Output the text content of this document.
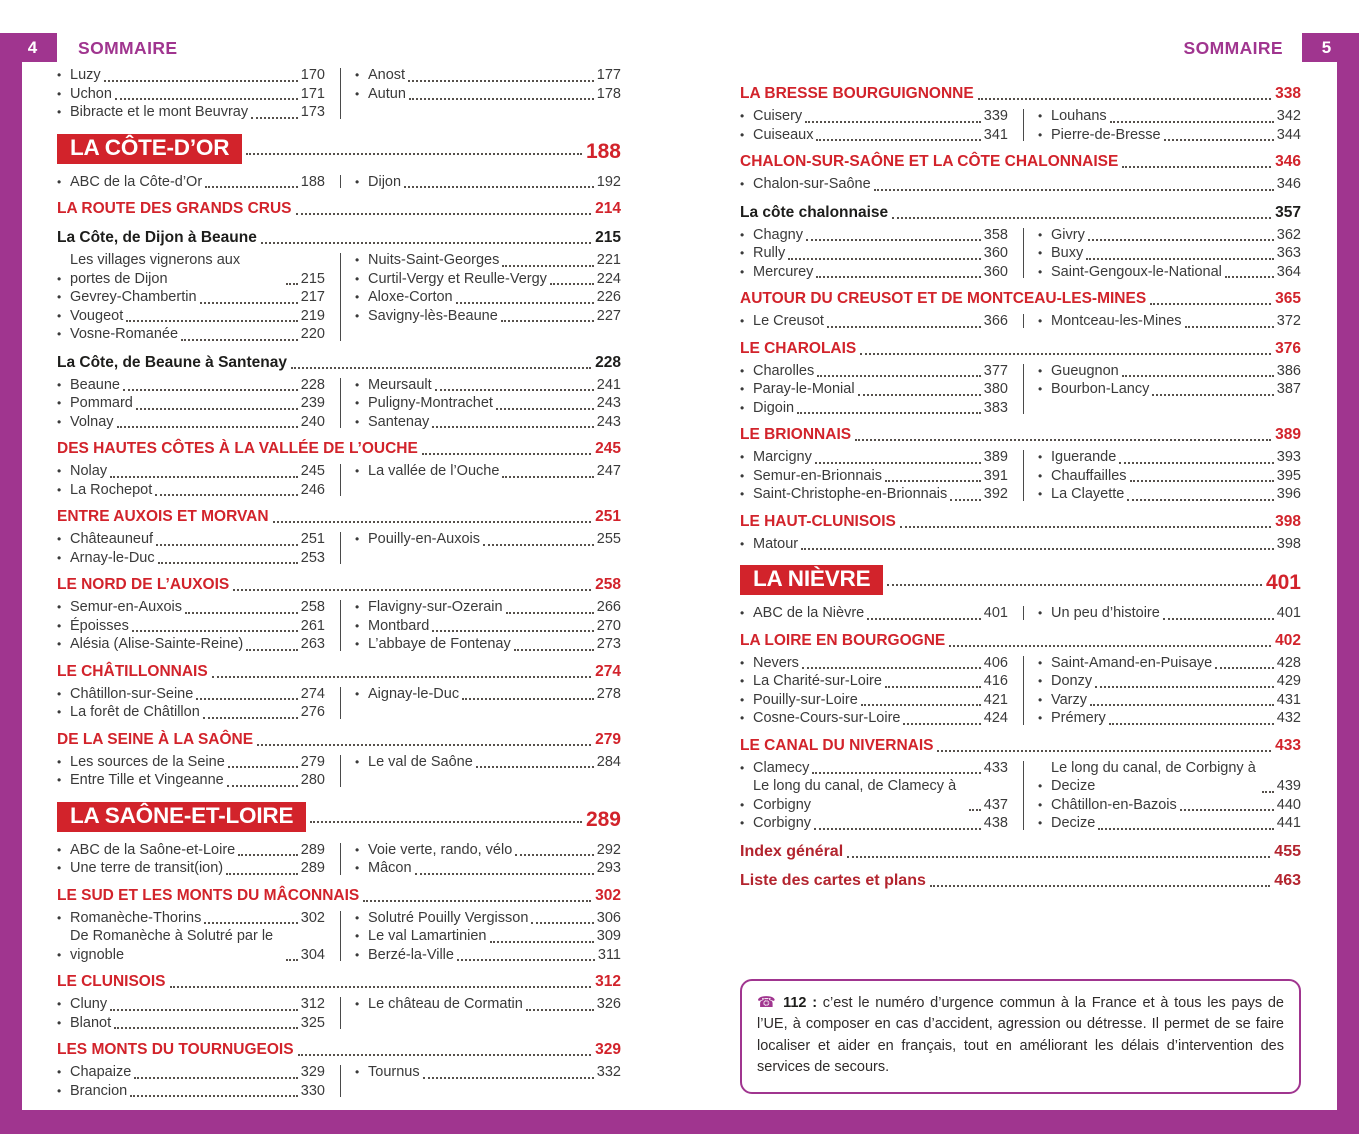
4	SOMMAIRE	SOMMAIRE	5
• Luzy	170
• Uchon	171
• Bibracte et le mont Beuvray	173
• Anost	177
• Autun	178
LA CÔTE-D’OR	188
• ABC de la Côte-d’Or	188	• Dijon	192
LA ROUTE DES GRANDS CRUS	214
La Côte, de Dijon à Beaune	215
•
Les villages vignerons aux portes de Dijon	215
• Gevrey-Chambertin	217
• Vougeot	219
• Vosne-Romanée	220
• Nuits-Saint-Georges	221
• Curtil-Vergy et Reulle-Vergy	224
• Aloxe-Corton	226
• Savigny-lès-Beaune	227
La Côte, de Beaune à Santenay	228
• Beaune	228
• Pommard	239
• Volnay	240
• Meursault	241
• Puligny-Montrachet	243
• Santenay	243
DES HAUTES CÔTES À LA VALLÉE DE L’OUCHE	245
• Nolay	245
• La Rochepot	246
• La vallée de l’Ouche	247
ENTRE AUXOIS ET MORVAN	251
• Châteauneuf	251
• Arnay-le-Duc	253
• Pouilly-en-Auxois	255
LE NORD DE L’AUXOIS	258
• Semur-en-Auxois	258
• Époisses	261
• Alésia (Alise-Sainte-Reine)	263
• Flavigny-sur-Ozerain	266
• Montbard	270
• L’abbaye de Fontenay	273
LE CHÂTILLONNAIS	274
• Châtillon-sur-Seine	274
• La forêt de Châtillon	276
• Aignay-le-Duc	278
DE LA SEINE À LA SAÔNE	279
• Les sources de la Seine	279
• Entre Tille et Vingeanne	280
• Le val de Saône	284
LA SAÔNE-ET-LOIRE	289
• ABC de la Saône-et-Loire	289
• Une terre de transit(ion)	289
• Voie verte, rando, vélo	292
• Mâcon	293
LE SUD ET LES MONTS DU MÂCONNAIS	302
• Romanèche-Thorins	302
•
De Romanèche à Solutré par le vignoble	304
• Solutré Pouilly Vergisson	306
• Le val Lamartinien	309
• Berzé-la-Ville	311
LE CLUNISOIS	312
• Cluny	312
• Blanot	325
• Le château de Cormatin	326
LES MONTS DU TOURNUGEOIS	329
• Chapaize	329
• Brancion	330
• Tournus	332
LA BRESSE BOURGUIGNONNE	338
• Cuisery	339
• Cuiseaux	341
• Louhans	342
• Pierre-de-Bresse	344
CHALON-SUR-SAÔNE ET LA CÔTE CHALONNAISE	346
• Chalon-sur-Saône	346
La côte chalonnaise	357
• Chagny	358
• Rully	360
• Mercurey	360
• Givry	362
• Buxy	363
• Saint-Gengoux-le-National	364
AUTOUR DU CREUSOT ET DE MONTCEAU-LES-MINES	365
• Le Creusot	366	• Montceau-les-Mines	372
LE CHAROLAIS	376
• Charolles	377
• Paray-le-Monial	380
• Digoin	383
• Gueugnon	386
• Bourbon-Lancy	387
LE BRIONNAIS	389
• Marcigny	389
• Semur-en-Brionnais	391
• Saint-Christophe-en-Brionnais	392
• Iguerande	393
• Chauffailles	395
• La Clayette	396
LE HAUT-CLUNISOIS	398
• Matour	398
LA NIÈVRE	401
• ABC de la Nièvre	401	• Un peu d’histoire	401
LA LOIRE EN BOURGOGNE	402
• Nevers	406
• La Charité-sur-Loire	416
• Pouilly-sur-Loire	421
• Cosne-Cours-sur-Loire	424
• Saint-Amand-en-Puisaye	428
• Donzy	429
• Varzy	431
• Prémery	432
LE CANAL DU NIVERNAIS	433
• Clamecy	433
•
Le long du canal, de Clamecy à Corbigny	437
• Corbigny	438
•
Le long du canal, de Corbigny à Decize	439
• Châtillon-en-Bazois	440
• Decize	441
Index général	455
Liste des cartes et plans	463
☎ 112 : c’est le numéro d’urgence commun à la France et à tous les pays de l’UE, à composer en cas d’accident, agression ou détresse. Il permet de se faire localiser et aider en français, tout en améliorant les délais d’intervention des services de secours.
